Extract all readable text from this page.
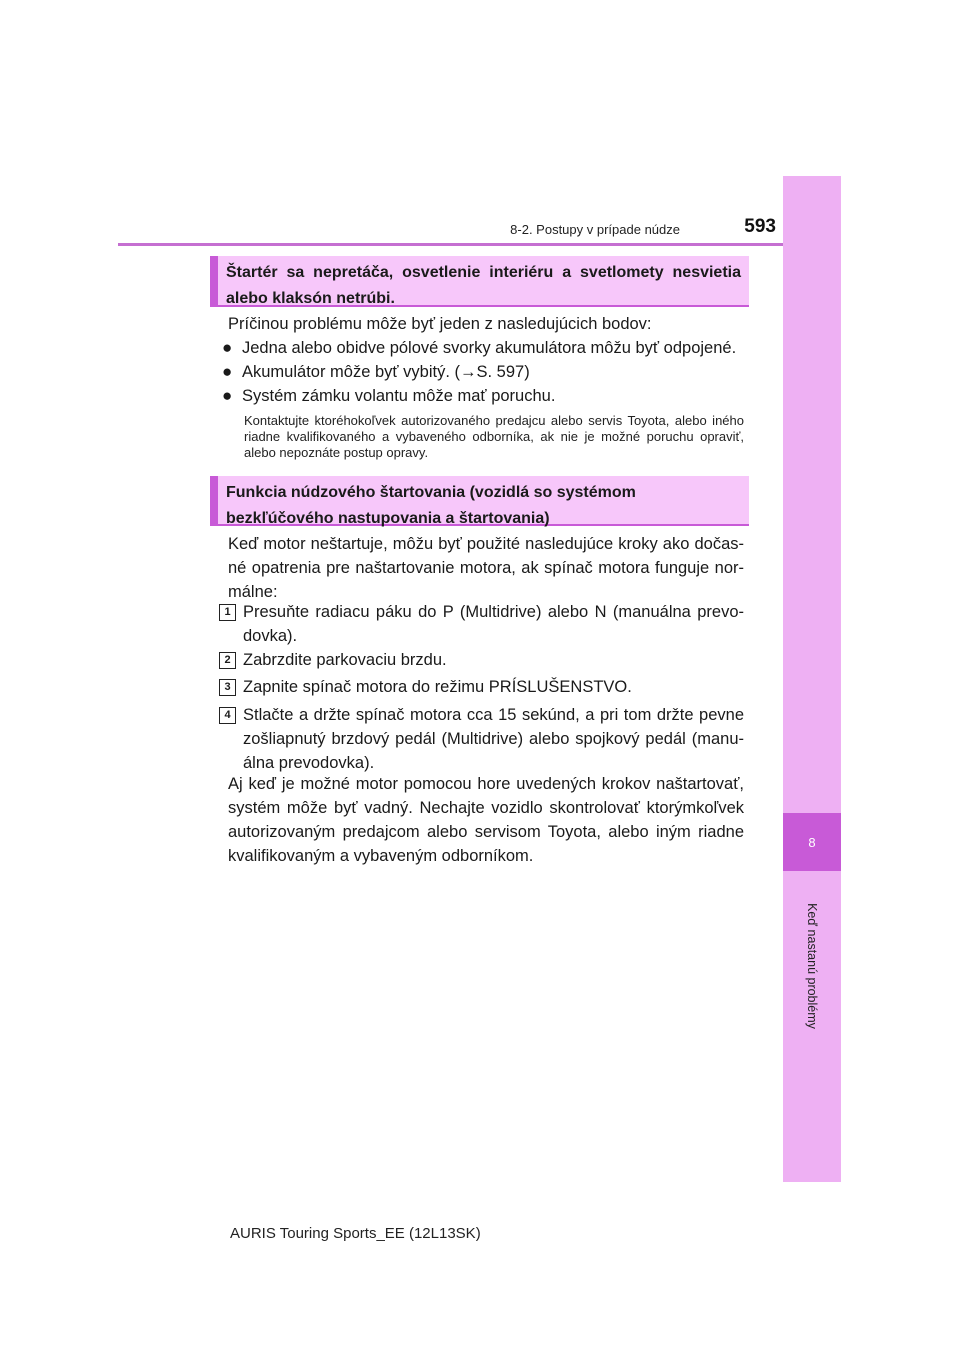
8
Keď nastanú problémy
8-2. Postupy v prípade núdze	593
Štartér sa nepretáča, osvetlenie interiéru a svetlomety nesvietia alebo klaksón netrúbi.
Príčinou problému môže byť jeden z nasledujúcich bodov:
● Jedna alebo obidve pólové svorky akumulátora môžu byť odpojené.
● Akumulátor môže byť vybitý. (→S. 597)
● Systém zámku volantu môže mať poruchu.
Kontaktujte ktoréhokoľvek autorizovaného predajcu alebo servis Toyota, alebo iného riadne kvalifikovaného a vybaveného odborníka, ak nie je možné poruchu opraviť, alebo nepoznáte postup opravy.
Funkcia núdzového štartovania (vozidlá so systémom
bezkľúčového nastupovania a štartovania)
Keď motor neštartuje, môžu byť použité nasledujúce kroky ako dočas- né opatrenia pre naštartovanie motora, ak spínač motora funguje nor- málne:
1 Presuňte radiacu páku do P (Multidrive) alebo N (manuálna prevo- dovka).
2 Zabrzdite parkovaciu brzdu.
3 Zapnite spínač motora do režimu PRÍSLUŠENSTVO.
4 Stlačte a držte spínač motora cca 15 sekúnd, a pri tom držte pevne zošliapnutý brzdový pedál (Multidrive) alebo spojkový pedál (manu- álna prevodovka).
Aj keď je možné motor pomocou hore uvedených krokov naštartovať, systém môže byť vadný. Nechajte vozidlo skontrolovať ktorýmkoľvek autorizovaným predajcom alebo servisom Toyota, alebo iným riadne kvalifikovaným a vybaveným odborníkom.
AURIS Touring Sports_EE (12L13SK)
